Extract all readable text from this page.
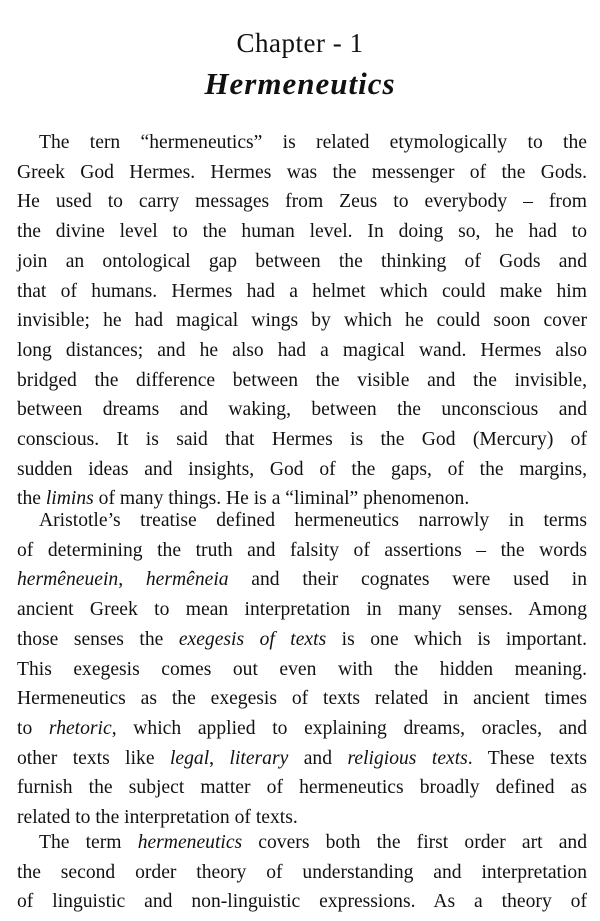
Chapter - 1
Hermeneutics
The tern “hermeneutics” is related etymologically to the
Greek God Hermes. Hermes was the messenger of the Gods.
He used to carry messages from Zeus to everybody – from
the divine level to the human level. In doing so, he had to
join an ontological gap between the thinking of Gods and
that of humans. Hermes had a helmet which could make him
invisible; he had magical wings by which he could soon cover
long distances; and he also had a magical wand. Hermes also
bridged the difference between the visible and the invisible,
between dreams and waking, between the unconscious and
conscious. It is said that Hermes is the God (Mercury) of
sudden ideas and insights, God of the gaps, of the margins,
the limins of many things. He is a “liminal” phenomenon.
Aristotle’s treatise defined hermeneutics narrowly in terms
of determining the truth and falsity of assertions – the words
hermêneuein, hermêneia and their cognates were used in
ancient Greek to mean interpretation in many senses. Among
those senses the exegesis of texts is one which is important.
This exegesis comes out even with the hidden meaning.
Hermeneutics as the exegesis of texts related in ancient times
to rhetoric, which applied to explaining dreams, oracles, and
other texts like legal, literary and religious texts. These texts
furnish the subject matter of hermeneutics broadly defined as
related to the interpretation of texts.
The term hermeneutics covers both the first order art and
the second order theory of understanding and interpretation
of linguistic and non-linguistic expressions. As a theory of
